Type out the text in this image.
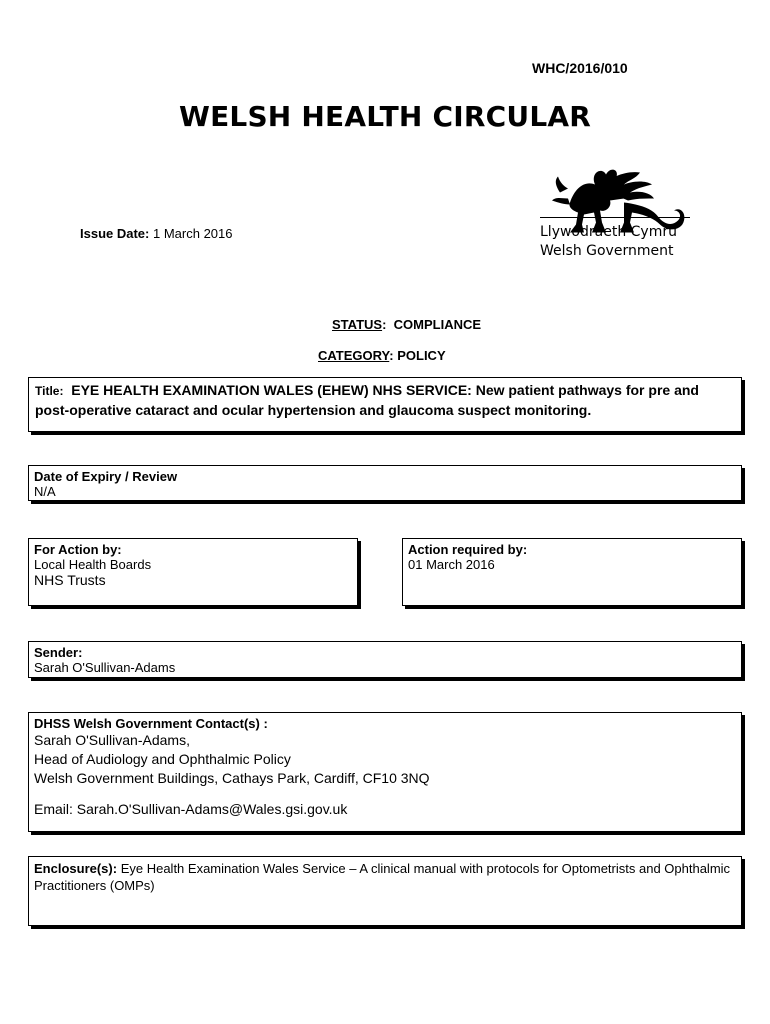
WHC/2016/010
WELSH HEALTH CIRCULAR
Issue Date: 1 March 2016	Llywodraeth Cymru
Welsh Government
STATUS:  COMPLIANCE
CATEGORY: POLICY
Title: EYE HEALTH EXAMINATION WALES (EHEW) NHS SERVICE: New patient pathways for pre and post-operative cataract and ocular hypertension and glaucoma suspect monitoring.
Date of Expiry / Review
N/A
For Action by:
Local Health Boards
NHS Trusts
Action required by:
01 March 2016
Sender:
Sarah O'Sullivan-Adams
DHSS Welsh Government Contact(s) :
Sarah O'Sullivan-Adams,
Head of Audiology and Ophthalmic Policy
Welsh Government Buildings, Cathays Park, Cardiff, CF10 3NQ
Email: Sarah.O'Sullivan-Adams@Wales.gsi.gov.uk
Enclosure(s): Eye Health Examination Wales Service – A clinical manual with protocols for Optometrists and Ophthalmic Practitioners (OMPs)
